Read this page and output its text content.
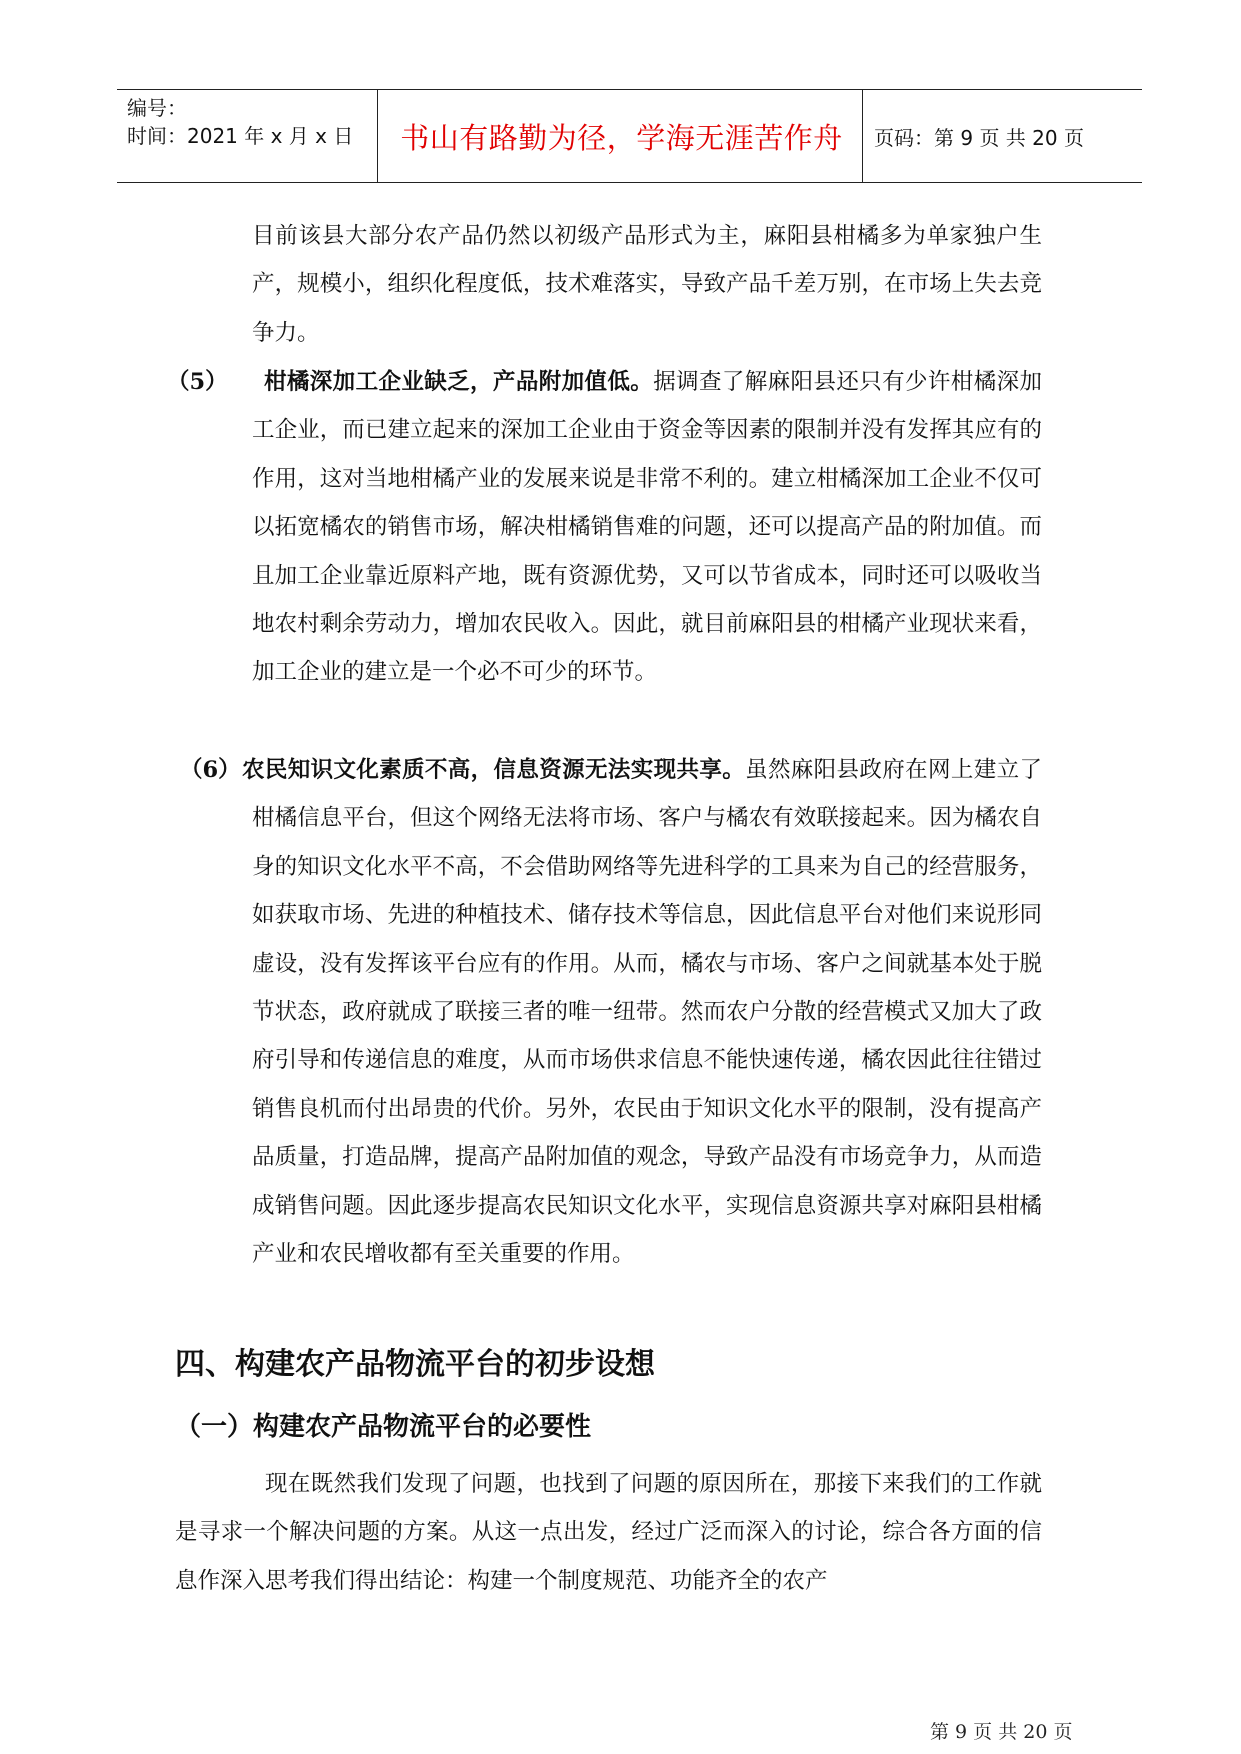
编号：
时间：2021 年 x 月 x 日	书山有路勤为径，学海无涯苦作舟	页码：第 9 页 共 20 页

目前该县大部分农产品仍然以初级产品形式为主，麻阳县柑橘多为单家独户生产，规模小，组织化程度低，技术难落实，导致产品千差万别，在市场上失去竞争力。

（5）	柑橘深加工企业缺乏，产品附加值低。据调查了解麻阳县还只有少许柑橘深加工企业，而已建立起来的深加工企业由于资金等因素的限制并没有发挥其应有的作用，这对当地柑橘产业的发展来说是非常不利的。建立柑橘深加工企业不仅可以拓宽橘农的销售市场，解决柑橘销售难的问题，还可以提高产品的附加值。而且加工企业靠近原料产地，既有资源优势，又可以节省成本，同时还可以吸收当地农村剩余劳动力，增加农民收入。因此，就目前麻阳县的柑橘产业现状来看，加工企业的建立是一个必不可少的环节。

（6） 农民知识文化素质不高，信息资源无法实现共享。虽然麻阳县政府在网上建立了柑橘信息平台，但这个网络无法将市场、客户与橘农有效联接起来。因为橘农自身的知识文化水平不高，不会借助网络等先进科学的工具来为自己的经营服务，如获取市场、先进的种植技术、储存技术等信息，因此信息平台对他们来说形同虚设，没有发挥该平台应有的作用。从而，橘农与市场、客户之间就基本处于脱节状态，政府就成了联接三者的唯一纽带。然而农户分散的经营模式又加大了政府引导和传递信息的难度，从而市场供求信息不能快速传递，橘农因此往往错过销售良机而付出昂贵的代价。另外，农民由于知识文化水平的限制，没有提高产品质量，打造品牌，提高产品附加值的观念，导致产品没有市场竞争力，从而造成销售问题。因此逐步提高农民知识文化水平，实现信息资源共享对麻阳县柑橘产业和农民增收都有至关重要的作用。

四、构建农产品物流平台的初步设想
（一）构建农产品物流平台的必要性

现在既然我们发现了问题，也找到了问题的原因所在，那接下来我们的工作就是寻求一个解决问题的方案。从这一点出发，经过广泛而深入的讨论，综合各方面的信息作深入思考我们得出结论：构建一个制度规范、功能齐全的农产

第 9 页 共 20 页
